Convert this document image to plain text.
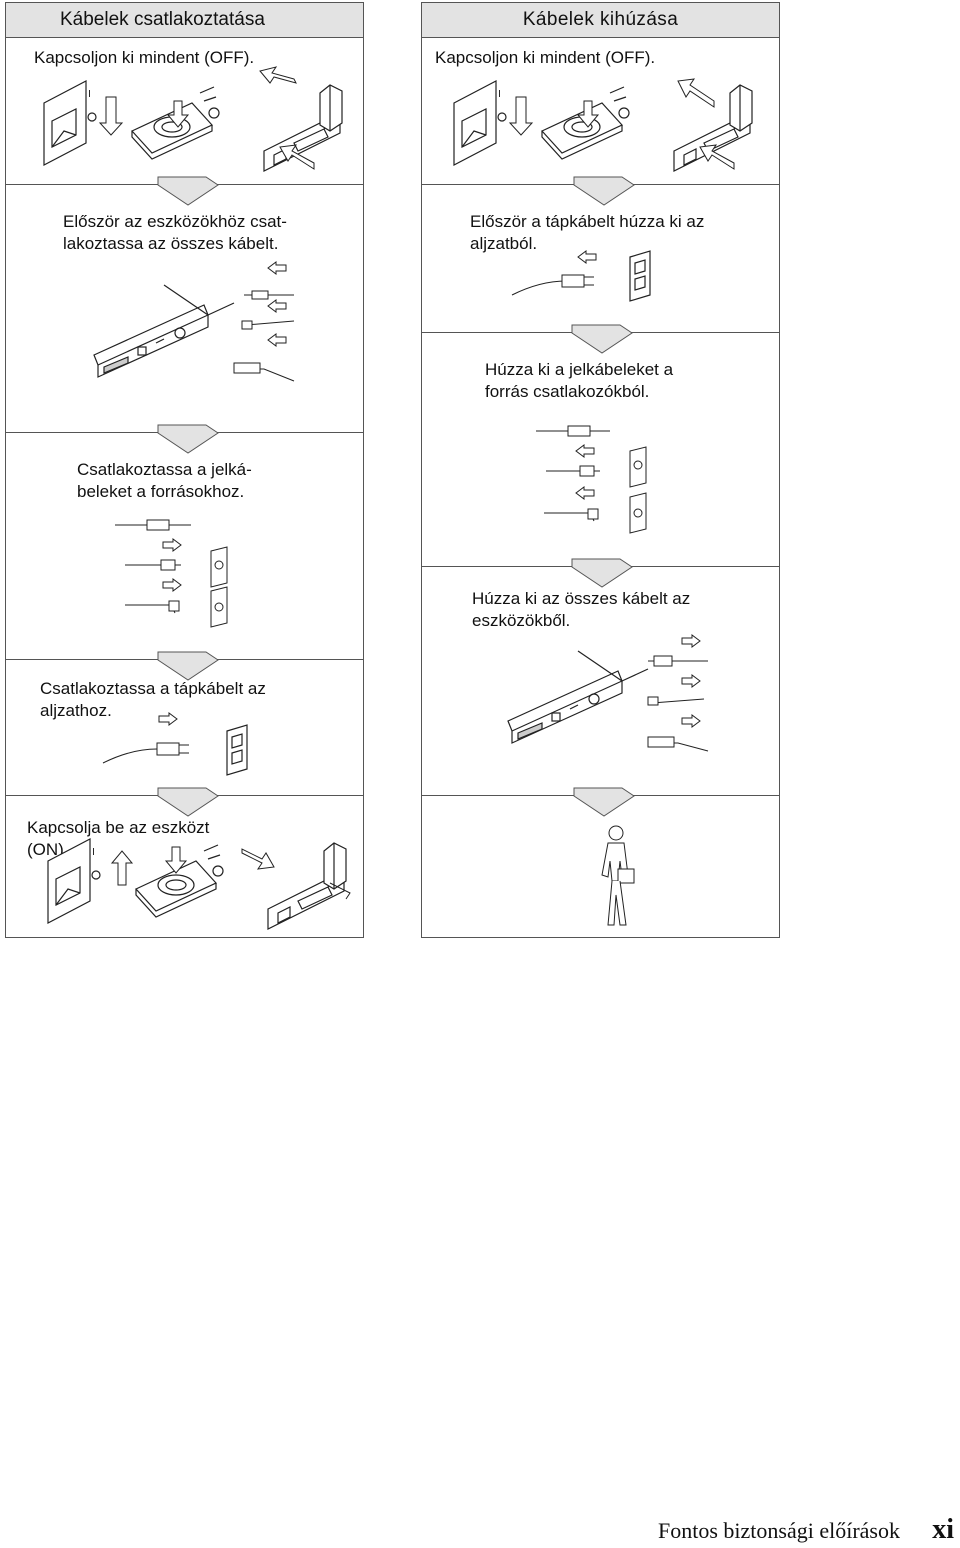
Kábelek csatlakoztatása
Kapcsoljon ki mindent (OFF).
Először az eszközökhöz csat-
lakoztassa az összes kábelt.
Csatlakoztassa a jelká-
beleket a forrásokhoz.
Csatlakoztassa a tápkábelt az
aljzathoz.
Kapcsolja be az eszközt
(ON).
Kábelek kihúzása
Kapcsoljon ki mindent (OFF).
Először a tápkábelt húzza ki az
aljzatból.
Húzza ki a jelkábeleket a
forrás csatlakozókból.
Húzza ki az összes kábelt az
eszközökből.
Fontos biztonsági előírások xi
